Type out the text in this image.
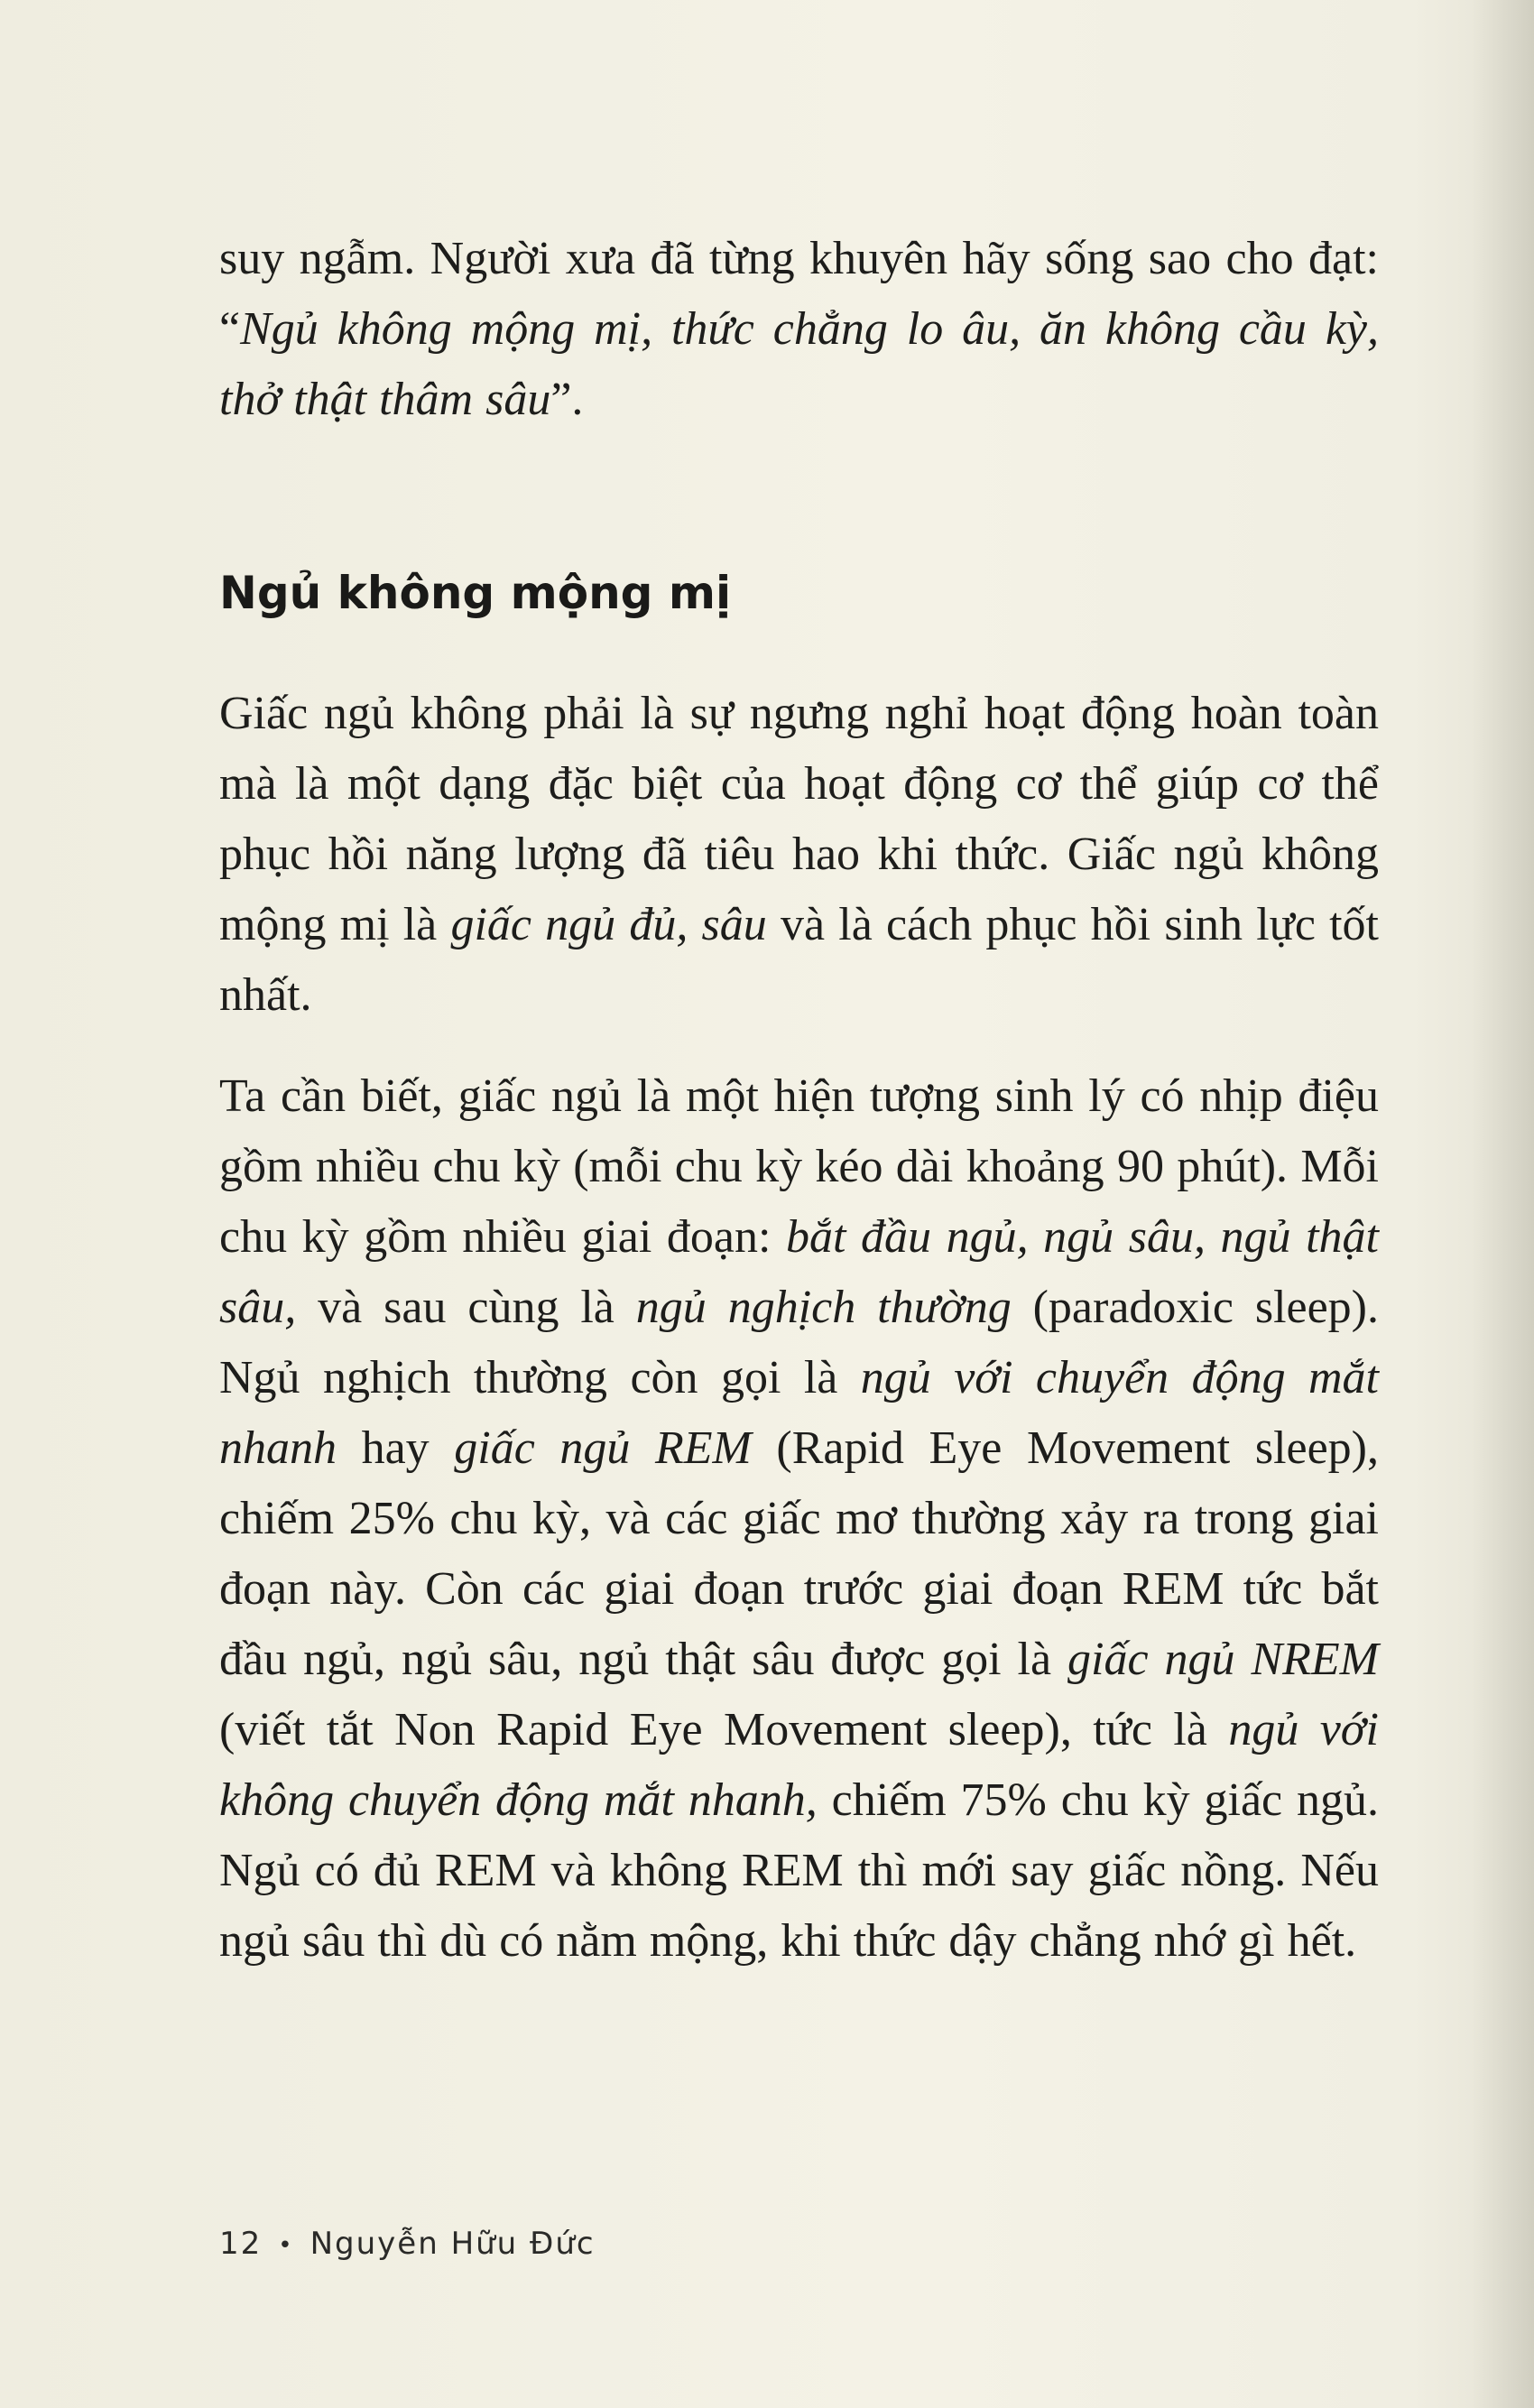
suy ngẫm. Người xưa đã từng khuyên hãy sống sao cho đạt: “Ngủ không mộng mị, thức chẳng lo âu, ăn không cầu kỳ, thở thật thâm sâu”.

Ngủ không mộng mị

Giấc ngủ không phải là sự ngưng nghỉ hoạt động hoàn toàn mà là một dạng đặc biệt của hoạt động cơ thể giúp cơ thể phục hồi năng lượng đã tiêu hao khi thức. Giấc ngủ không mộng mị là giấc ngủ đủ, sâu và là cách phục hồi sinh lực tốt nhất.

Ta cần biết, giấc ngủ là một hiện tượng sinh lý có nhịp điệu gồm nhiều chu kỳ (mỗi chu kỳ kéo dài khoảng 90 phút). Mỗi chu kỳ gồm nhiều giai đoạn: bắt đầu ngủ, ngủ sâu, ngủ thật sâu, và sau cùng là ngủ nghịch thường (paradoxic sleep). Ngủ nghịch thường còn gọi là ngủ với chuyển động mắt nhanh hay giấc ngủ REM (Rapid Eye Movement sleep), chiếm 25% chu kỳ, và các giấc mơ thường xảy ra trong giai đoạn này. Còn các giai đoạn trước giai đoạn REM tức bắt đầu ngủ, ngủ sâu, ngủ thật sâu được gọi là giấc ngủ NREM (viết tắt Non Rapid Eye Movement sleep), tức là ngủ với không chuyển động mắt nhanh, chiếm 75% chu kỳ giấc ngủ. Ngủ có đủ REM và không REM thì mới say giấc nồng. Nếu ngủ sâu thì dù có nằm mộng, khi thức dậy chẳng nhớ gì hết.

12 • Nguyễn Hữu Đức
